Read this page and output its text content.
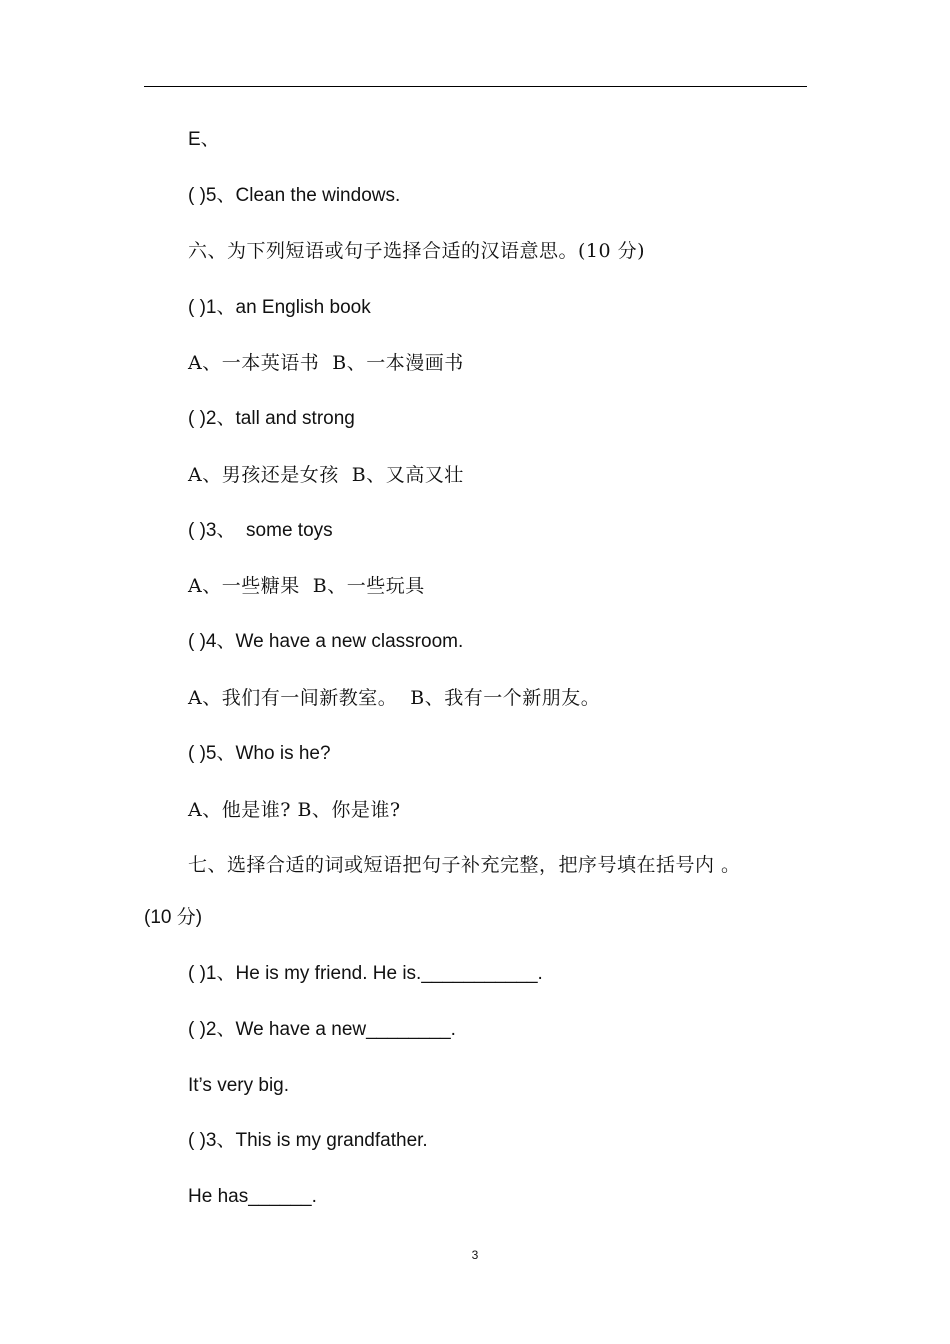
E、
( )5、Clean the windows.
六、为下列短语或句子选择合适的汉语意思。(10 分)
( )1、an English book
A、一本英语书  B、一本漫画书
( )2、tall and strong
A、男孩还是女孩  B、又高又壮
( )3、  some toys
A、一些糖果  B、一些玩具
( )4、We have a new classroom.
A、我们有一间新教室。  B、我有一个新朋友。
( )5、Who is he?
A、他是谁? B、你是谁?
七、选择合适的词或短语把句子补充完整，把序号填在括号内 。
(10 分)
( )1、He is my friend. He is.___________.
( )2、We have a new________.
It’s very big.
( )3、This is my grandfather.
He has______.
3
